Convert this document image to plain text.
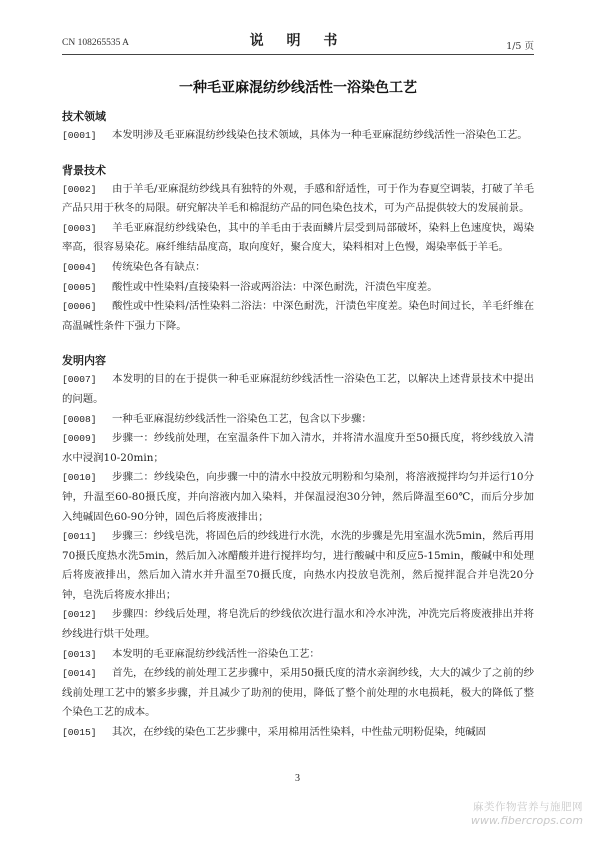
CN 108265535 A	说 明 书	1/5 页
一种毛亚麻混纺纱线活性一浴染色工艺

技术领域

[0001] 本发明涉及毛亚麻混纺纱线染色技术领域，具体为一种毛亚麻混纺纱线活性一浴染色工艺。

背景技术

[0002] 由于羊毛/亚麻混纺纱线具有独特的外观，手感和舒适性，可于作为春夏空调装，打破了羊毛产品只用于秋冬的局限。研究解决羊毛和棉混纺产品的同色染色技术，可为产品提供较大的发展前景。

[0003] 羊毛亚麻混纺纱线染色，其中的羊毛由于表面鳞片层受到局部破坏，染料上色速度快，竭染率高，很容易染花。麻纤维结晶度高，取向度好，聚合度大，染料相对上色慢，竭染率低于羊毛。

[0004] 传统染色各有缺点：

[0005] 酸性或中性染料/直接染料一浴或两浴法：中深色耐洗，汗渍色牢度差。

[0006] 酸性或中性染料/活性染料二浴法：中深色耐洗，汗渍色牢度差。染色时间过长，羊毛纤维在高温碱性条件下强力下降。

发明内容

[0007] 本发明的目的在于提供一种毛亚麻混纺纱线活性一浴染色工艺，以解决上述背景技术中提出的问题。

[0008] 一种毛亚麻混纺纱线活性一浴染色工艺，包含以下步骤：

[0009] 步骤一：纱线前处理，在室温条件下加入清水，并将清水温度升至50摄氏度，将纱线放入清水中浸润10-20min；

[0010] 步骤二：纱线染色，向步骤一中的清水中投放元明粉和匀染剂，将溶液搅拌均匀并运行10分钟，升温至60-80摄氏度，并向溶液内加入染料，并保温浸泡30分钟，然后降温至60℃，而后分步加入纯碱固色60-90分钟，固色后将废液排出；

[0011] 步骤三：纱线皂洗，将固色后的纱线进行水洗，水洗的步骤是先用室温水洗5min，然后再用70摄氏度热水洗5min，然后加入冰醋酸并进行搅拌均匀，进行酸碱中和反应5-15min，酸碱中和处理后将废液排出，然后加入清水并升温至70摄氏度，向热水内投放皂洗剂，然后搅拌混合并皂洗20分钟，皂洗后将废水排出；

[0012] 步骤四：纱线后处理，将皂洗后的纱线依次进行温水和冷水冲洗，冲洗完后将废液排出并将纱线进行烘干处理。

[0013] 本发明的毛亚麻混纺纱线活性一浴染色工艺：

[0014] 首先，在纱线的前处理工艺步骤中，采用50摄氏度的清水亲润纱线，大大的减少了之前的纱线前处理工艺中的繁多步骤，并且减少了助剂的使用，降低了整个前处理的水电损耗，极大的降低了整个染色工艺的成本。

[0015] 其次，在纱线的染色工艺步骤中，采用棉用活性染料，中性盐元明粉促染，纯碱固

3
麻类作物营养与施肥网
www.fibercrops.com
